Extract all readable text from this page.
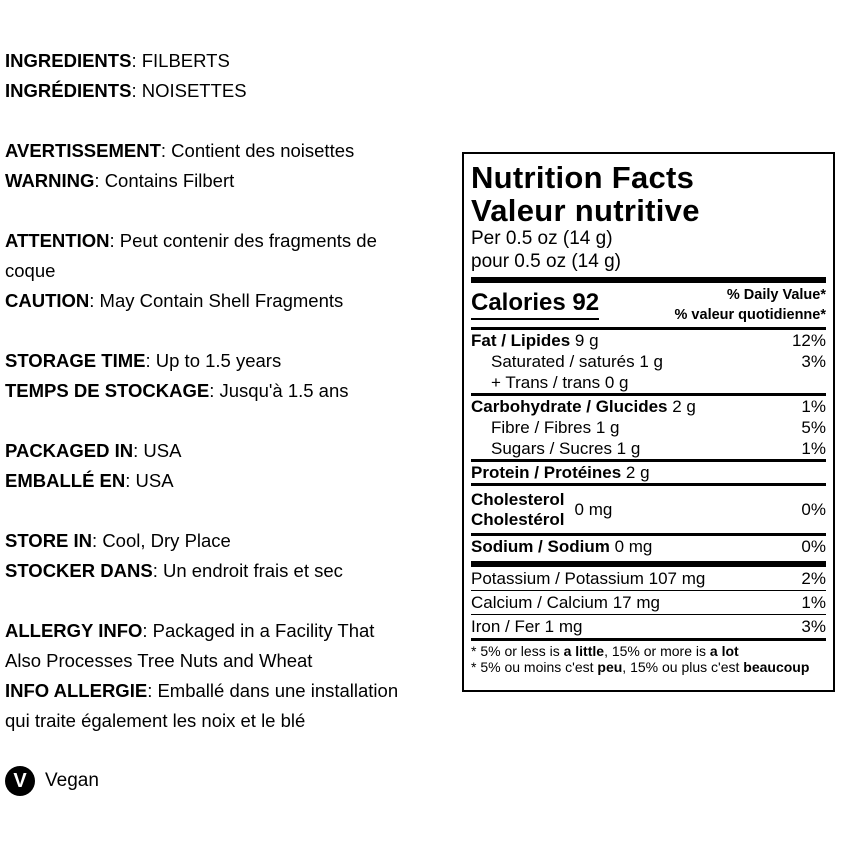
INGREDIENTS: FILBERTS
INGRÉDIENTS: NOISETTES
AVERTISSEMENT: Contient des noisettes
WARNING: Contains Filbert
ATTENTION: Peut contenir des fragments de
coque
CAUTION: May Contain Shell Fragments
STORAGE TIME: Up to 1.5 years
TEMPS DE STOCKAGE: Jusqu'à 1.5 ans
PACKAGED IN: USA
EMBALLÉ EN: USA
STORE IN: Cool, Dry Place
STOCKER DANS: Un endroit frais et sec
ALLERGY INFO: Packaged in a Facility That
Also Processes Tree Nuts and Wheat
INFO ALLERGIE: Emballé dans une installation
qui traite également les noix et le blé
V Vegan
Nutrition Facts
Valeur nutritive
Per 0.5 oz (14 g)
pour 0.5 oz (14 g)
Calories 92	% Daily Value*
% valeur quotidienne*
Fat / Lipides 9 g	12%
Saturated / saturés 1 g	3%
+ Trans / trans 0 g
Carbohydrate / Glucides 2 g	1%
Fibre / Fibres 1 g	5%
Sugars / Sucres 1 g	1%
Protein / Protéines 2 g
Cholesterol
Cholestérol
0 mg	0%
Sodium / Sodium 0 mg	0%
Potassium / Potassium 107 mg	2%
Calcium / Calcium 17 mg	1%
Iron / Fer 1 mg	3%
* 5% or less is a little, 15% or more is a lot
* 5% ou moins c'est peu, 15% ou plus c'est beaucoup
